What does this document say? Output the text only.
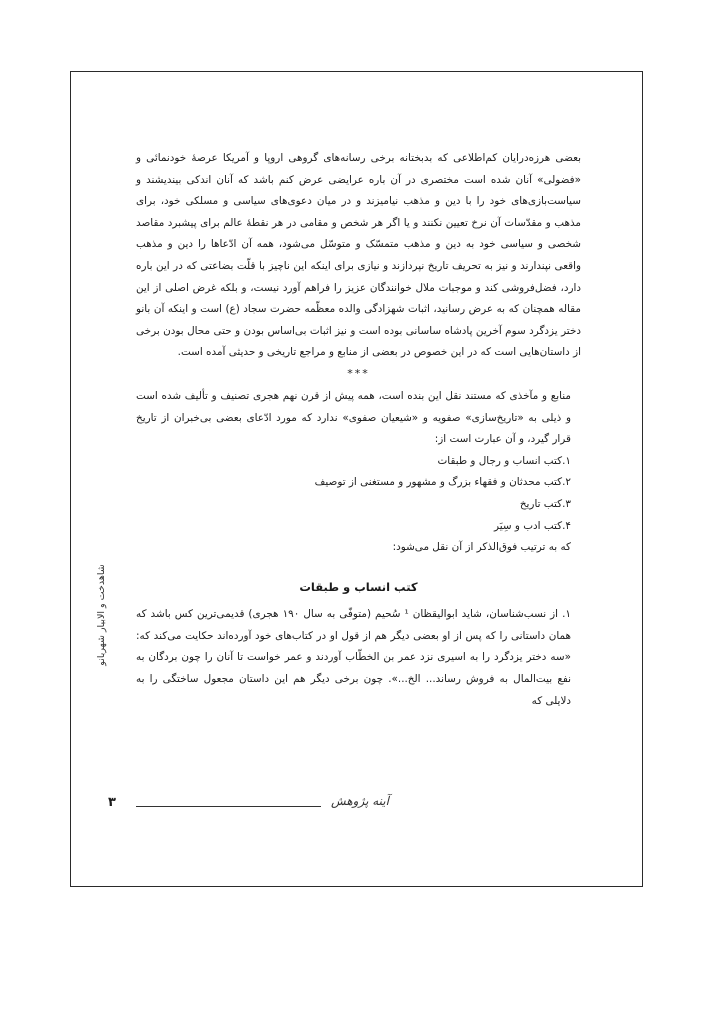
شاهدخت و الابیار شهربانو

بعضی هرزه‌درایان کم‌اطلاعی که بدبختانه برخی رسانه‌های گروهی اروپا و آمریکا عرصهٔ خودنمائی و «فضولی» آنان شده است مختصری در آن باره عرایضی عرض کنم باشد که آنان اندکی بیندیشند و سیاست‌بازی‌های خود را با دین و مذهب نیامیزند و در میان دعوی‌های سیاسی و مسلکی خود، برای مذهب و مقدّسات آن نرخ تعیین نکنند و یا اگر هر شخص و مقامی در هر نقطهٔ عالم برای پیشبرد مقاصد شخصی و سیاسی خود به دین و مذهب متمسّک و متوسّل می‌شود، همه آن ادّعاها را دین و مذهب واقعی نپندارند و نیز به تحریف تاریخ نپردازند و نیازی برای اینکه این ناچیز با قلّت بضاعتی که در این باره دارد، فضل‌فروشی کند و موجبات ملال خوانندگان عزیز را فراهم آورد نیست، و بلکه غرض اصلی از این مقاله همچنان که به عرض رسانید، اثبات شهزادگی والده معظّمه حضرت سجاد (ع) است و اینکه آن بانو دختر یزدگرد سوم آخرین پادشاه ساسانی بوده است و نیز اثبات بی‌اساس بودن و حتی محال بودن برخی از داستان‌هایی است که در این خصوص در بعضی از منابع و مراجع تاریخی و حدیثی آمده است.

***

منابع و مآخذی که مستند نقل این بنده است، همه پیش از قرن نهم هجری تصنیف و تألیف شده است و ذیلی به «تاریخ‌سازی» صفویه و «شیعیان صفوی» ندارد که مورد ادّعای بعضی بی‌خبران از تاریخ قرار گیرد، و آن عبارت است از:

۱.کتب انساب و رجال و طبقات
۲.کتب محدثان و فقهاء بزرگ و مشهور و مستغنی از توصیف
۳.کتب تاریخ
۴.کتب ادب و سِیَر
که به ترتیب فوق‌الذکر از آن نقل می‌شود:

کتب انساب و طبقات

۱. از نسب‌شناسان، شاید ابوالیقظان ¹ سُحیم (متوفّی به سال ۱۹۰ هجری) قدیمی‌ترین کس باشد که همان داستانی را که پس از او بعضی دیگر هم از قول او در کتاب‌های خود آورده‌اند حکایت می‌کند که: «سه دختر یزدگرد را به اسیری نزد عمر بن الخطّاب آوردند و عمر خواست تا آنان را چون بردگان به نفع بیت‌المال به فروش رساند... الخ...». چون برخی دیگر هم این داستان مجعول ساختگی را به دلایلی که

آینه پژوهش
۳
